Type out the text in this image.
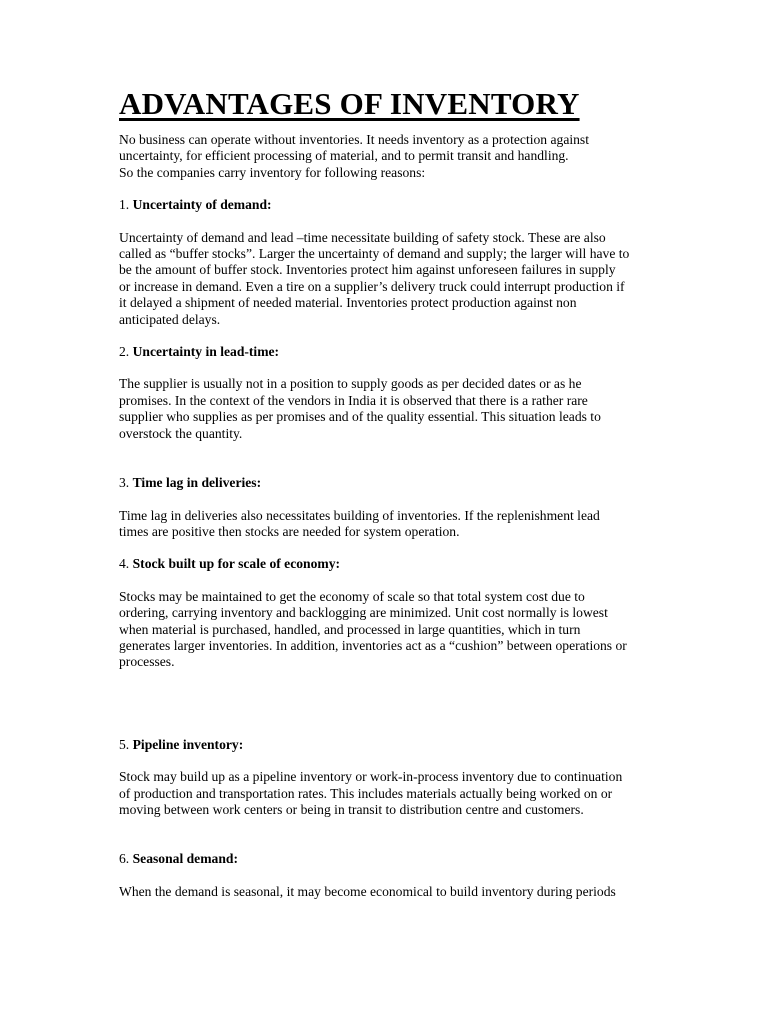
ADVANTAGES OF INVENTORY

No business can operate without inventories. It needs inventory as a protection against
uncertainty, for efficient processing of material, and to permit transit and handling.
So the companies carry inventory for following reasons:

1. Uncertainty of demand:

Uncertainty of demand and lead –time necessitate building of safety stock. These are also
called as “buffer stocks”. Larger the uncertainty of demand and supply; the larger will have to
be the amount of buffer stock. Inventories protect him against unforeseen failures in supply
or increase in demand. Even a tire on a supplier’s delivery truck could interrupt production if
it delayed a shipment of needed material. Inventories protect production against non
anticipated delays.

2. Uncertainty in lead-time:

The supplier is usually not in a position to supply goods as per decided dates or as he
promises. In the context of the vendors in India it is observed that there is a rather rare
supplier who supplies as per promises and of the quality essential. This situation leads to
overstock the quantity.

3. Time lag in deliveries:

Time lag in deliveries also necessitates building of inventories. If the replenishment lead
times are positive then stocks are needed for system operation.

4. Stock built up for scale of economy:

Stocks may be maintained to get the economy of scale so that total system cost due to
ordering, carrying inventory and backlogging are minimized. Unit cost normally is lowest
when material is purchased, handled, and processed in large quantities, which in turn
generates larger inventories. In addition, inventories act as a “cushion” between operations or
processes.

5. Pipeline inventory:

Stock may build up as a pipeline inventory or work-in-process inventory due to continuation
of production and transportation rates. This includes materials actually being worked on or
moving between work centers or being in transit to distribution centre and customers.

6. Seasonal demand:

When the demand is seasonal, it may become economical to build inventory during periods
